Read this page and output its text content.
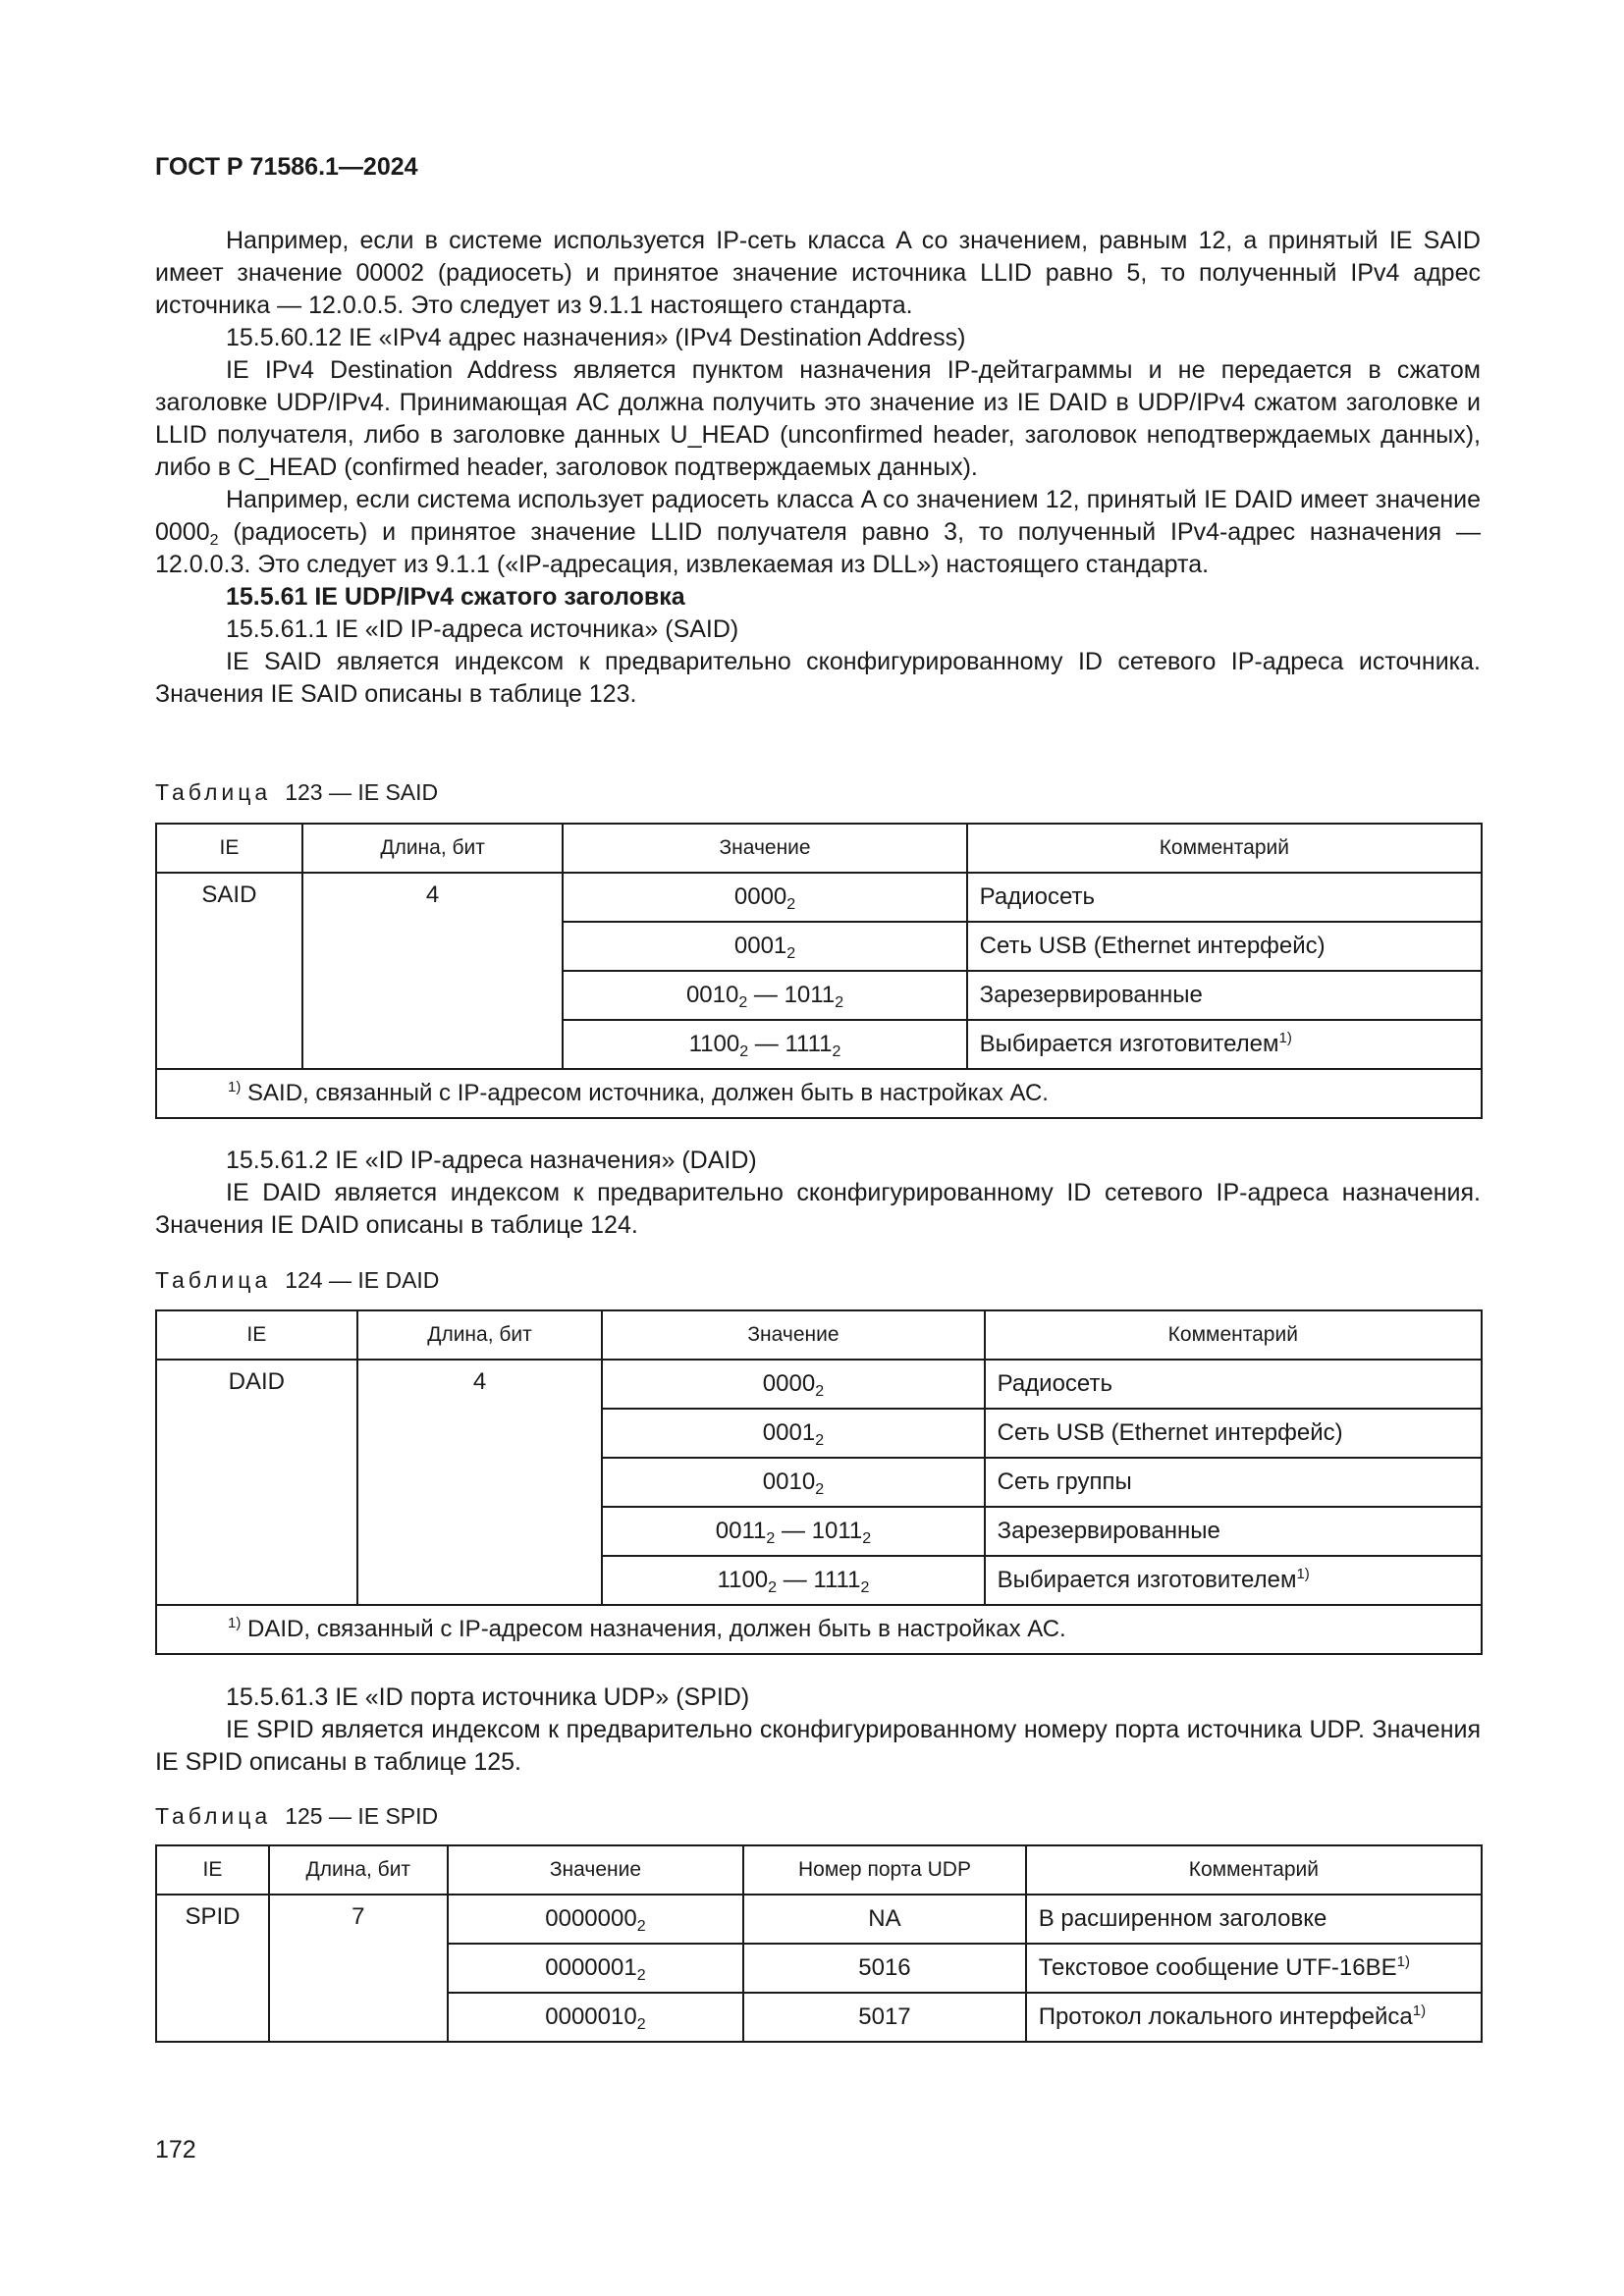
ГОСТ Р 71586.1—2024

Например, если в системе используется IP-сеть класса A со значением, равным 12, а принятый IE SAID имеет значение 00002 (радиосеть) и принятое значение источника LLID равно 5, то полученный IPv4 адрес источника — 12.0.0.5. Это следует из 9.1.1 настоящего стандарта.

15.5.60.12 IE «IPv4 адрес назначения» (IPv4 Destination Address)

IE IPv4 Destination Address является пунктом назначения IP-дейтаграммы и не передается в сжатом заголовке UDP/IPv4. Принимающая АС должна получить это значение из IE DAID в UDP/IPv4 сжатом заголовке и LLID получателя, либо в заголовке данных U_HEAD (unconfirmed header, заголовок неподтверждаемых данных), либо в C_HEAD (confirmed header, заголовок подтверждаемых данных).

Например, если система использует радиосеть класса A со значением 12, принятый IE DAID имеет значение $0000_2$ (радиосеть) и принятое значение LLID получателя равно 3, то полученный IPv4-адрес назначения — 12.0.0.3. Это следует из 9.1.1 («IP-адресация, извлекаемая из DLL») настоящего стандарта.

15.5.61 IE UDP/IPv4 сжатого заголовка

15.5.61.1 IE «ID IP-адреса источника» (SAID)

IE SAID является индексом к предварительно сконфигурированному ID сетевого IP-адреса источника. Значения IE SAID описаны в таблице 123.

Таблица 123 — IE SAID
IE	Длина, бит	Значение	Комментарий
SAID	4	$0000_2$	Радиосеть
		$0001_2$	Сеть USB (Ethernet интерфейс)
		$0010_2$ — $1011_2$	Зарезервированные
		$1100_2$ — $1111_2$	Выбирается изготовителем$^{1)}$
$^{1)}$ SAID, связанный с IP-адресом источника, должен быть в настройках АС.			

15.5.61.2 IE «ID IP-адреса назначения» (DAID)

IE DAID является индексом к предварительно сконфигурированному ID сетевого IP-адреса назначения. Значения IE DAID описаны в таблице 124.

Таблица 124 — IE DAID
IE	Длина, бит	Значение	Комментарий
DAID	4	$0000_2$	Радиосеть
		$0001_2$	Сеть USB (Ethernet интерфейс)
		$0010_2$	Сеть группы
		$0011_2$ — $1011_2$	Зарезервированные
		$1100_2$ — $1111_2$	Выбирается изготовителем$^{1)}$
$^{1)}$ DAID, связанный с IP-адресом назначения, должен быть в настройках АС.			

15.5.61.3 IE «ID порта источника UDP» (SPID)

IE SPID является индексом к предварительно сконфигурированному номеру порта источника UDP. Значения IE SPID описаны в таблице 125.

Таблица 125 — IE SPID
IE	Длина, бит	Значение	Номер порта UDP	Комментарий
SPID	7	$0000000_2$	NA	В расширенном заголовке
		$0000001_2$	5016	Текстовое сообщение UTF-16BE$^{1)}$
		$0000010_2$	5017	Протокол локального интерфейса$^{1)}$
172
